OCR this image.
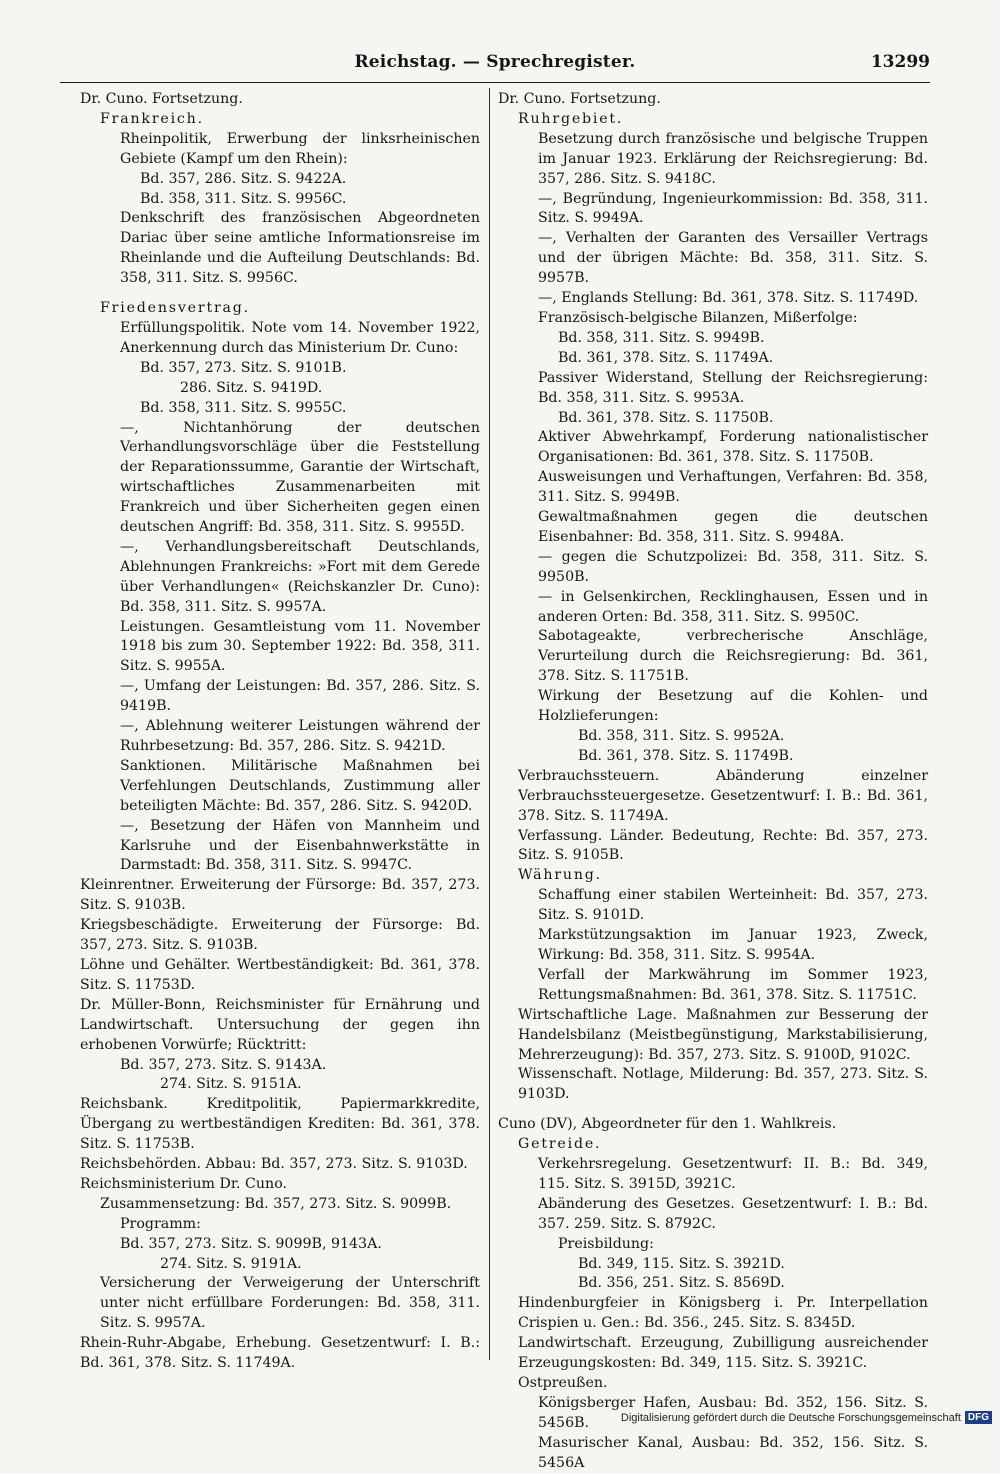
Reichstag. — Sprechregister.	13299

Dr. Cuno. Fortsetzung.

Frankreich.

Rheinpolitik, Erwerbung der linksrheinischen Gebiete (Kampf um den Rhein):

Bd. 357, 286. Sitz. S. 9422A.

Bd. 358, 311. Sitz. S. 9956C.

Denkschrift des französischen Abgeordneten Dariac über seine amtliche Informationsreise im Rheinlande und die Aufteilung Deutschlands: Bd. 358, 311. Sitz. S. 9956C.

Friedensvertrag.

Erfüllungspolitik. Note vom 14. November 1922, Anerkennung durch das Ministerium Dr. Cuno:

Bd. 357, 273. Sitz. S. 9101B.

286. Sitz. S. 9419D.

Bd. 358, 311. Sitz. S. 9955C.

—, Nichtanhörung der deutschen Verhandlungsvorschläge über die Feststellung der Reparationssumme, Garantie der Wirtschaft, wirtschaftliches Zusammenarbeiten mit Frankreich und über Sicherheiten gegen einen deutschen Angriff: Bd. 358, 311. Sitz. S. 9955D.

—, Verhandlungsbereitschaft Deutschlands, Ablehnungen Frankreichs: »Fort mit dem Gerede über Verhandlungen« (Reichskanzler Dr. Cuno): Bd. 358, 311. Sitz. S. 9957A.

Leistungen. Gesamtleistung vom 11. November 1918 bis zum 30. September 1922: Bd. 358, 311. Sitz. S. 9955A.

—, Umfang der Leistungen: Bd. 357, 286. Sitz. S. 9419B.

—, Ablehnung weiterer Leistungen während der Ruhrbesetzung: Bd. 357, 286. Sitz. S. 9421D.

Sanktionen. Militärische Maßnahmen bei Verfehlungen Deutschlands, Zustimmung aller beteiligten Mächte: Bd. 357, 286. Sitz. S. 9420D.

—, Besetzung der Häfen von Mannheim und Karlsruhe und der Eisenbahnwerkstätte in Darmstadt: Bd. 358, 311. Sitz. S. 9947C.

Kleinrentner. Erweiterung der Fürsorge: Bd. 357, 273. Sitz. S. 9103B.

Kriegsbeschädigte. Erweiterung der Fürsorge: Bd. 357, 273. Sitz. S. 9103B.

Löhne und Gehälter. Wertbeständigkeit: Bd. 361, 378. Sitz. S. 11753D.

Dr. Müller-Bonn, Reichsminister für Ernährung und Landwirtschaft. Untersuchung der gegen ihn erhobenen Vorwürfe; Rücktritt:

Bd. 357, 273. Sitz. S. 9143A.

274. Sitz. S. 9151A.

Reichsbank. Kreditpolitik, Papiermarkkredite, Übergang zu wertbeständigen Krediten: Bd. 361, 378. Sitz. S. 11753B.

Reichsbehörden. Abbau: Bd. 357, 273. Sitz. S. 9103D.

Reichsministerium Dr. Cuno.

Zusammensetzung: Bd. 357, 273. Sitz. S. 9099B.

Programm:

Bd. 357, 273. Sitz. S. 9099B, 9143A.

274. Sitz. S. 9191A.

Versicherung der Verweigerung der Unterschrift unter nicht erfüllbare Forderungen: Bd. 358, 311. Sitz. S. 9957A.

Rhein-Ruhr-Abgabe, Erhebung. Gesetzentwurf: I. B.: Bd. 361, 378. Sitz. S. 11749A.

Dr. Cuno. Fortsetzung.

Ruhrgebiet.

Besetzung durch französische und belgische Truppen im Januar 1923. Erklärung der Reichsregierung: Bd. 357, 286. Sitz. S. 9418C.

—, Begründung, Ingenieurkommission: Bd. 358, 311. Sitz. S. 9949A.

—, Verhalten der Garanten des Versailler Vertrags und der übrigen Mächte: Bd. 358, 311. Sitz. S. 9957B.

—, Englands Stellung: Bd. 361, 378. Sitz. S. 11749D.

Französisch-belgische Bilanzen, Mißerfolge:

Bd. 358, 311. Sitz. S. 9949B.

Bd. 361, 378. Sitz. S. 11749A.

Passiver Widerstand, Stellung der Reichsregierung: Bd. 358, 311. Sitz. S. 9953A.

Bd. 361, 378. Sitz. S. 11750B.

Aktiver Abwehrkampf, Forderung nationalistischer Organisationen: Bd. 361, 378. Sitz. S. 11750B.

Ausweisungen und Verhaftungen, Verfahren: Bd. 358, 311. Sitz. S. 9949B.

Gewaltmaßnahmen gegen die deutschen Eisenbahner: Bd. 358, 311. Sitz. S. 9948A.

— gegen die Schutzpolizei: Bd. 358, 311. Sitz. S. 9950B.

— in Gelsenkirchen, Recklinghausen, Essen und in anderen Orten: Bd. 358, 311. Sitz. S. 9950C.

Sabotageakte, verbrecherische Anschläge, Verurteilung durch die Reichsregierung: Bd. 361, 378. Sitz. S. 11751B.

Wirkung der Besetzung auf die Kohlen- und Holzlieferungen:

Bd. 358, 311. Sitz. S. 9952A.

Bd. 361, 378. Sitz. S. 11749B.

Verbrauchssteuern. Abänderung einzelner Verbrauchssteuergesetze. Gesetzentwurf: I. B.: Bd. 361, 378. Sitz. S. 11749A.

Verfassung. Länder. Bedeutung, Rechte: Bd. 357, 273. Sitz. S. 9105B.

Währung.

Schaffung einer stabilen Werteinheit: Bd. 357, 273. Sitz. S. 9101D.

Markstützungsaktion im Januar 1923, Zweck, Wirkung: Bd. 358, 311. Sitz. S. 9954A.

Verfall der Markwährung im Sommer 1923, Rettungsmaßnahmen: Bd. 361, 378. Sitz. S. 11751C.

Wirtschaftliche Lage. Maßnahmen zur Besserung der Handelsbilanz (Meistbegünstigung, Markstabilisierung, Mehrerzeugung): Bd. 357, 273. Sitz. S. 9100D, 9102C.

Wissenschaft. Notlage, Milderung: Bd. 357, 273. Sitz. S. 9103D.

Cuno (DV), Abgeordneter für den 1. Wahlkreis.

Getreide.

Verkehrsregelung. Gesetzentwurf: II. B.: Bd. 349, 115. Sitz. S. 3915D, 3921C.

Abänderung des Gesetzes. Gesetzentwurf: I. B.: Bd. 357. 259. Sitz. S. 8792C.

Preisbildung:

Bd. 349, 115. Sitz. S. 3921D.

Bd. 356, 251. Sitz. S. 8569D.

Hindenburgfeier in Königsberg i. Pr. Interpellation Crispien u. Gen.: Bd. 356., 245. Sitz. S. 8345D.

Landwirtschaft. Erzeugung, Zubilligung ausreichender Erzeugungskosten: Bd. 349, 115. Sitz. S. 3921C.

Ostpreußen.

Königsberger Hafen, Ausbau: Bd. 352, 156. Sitz. S. 5456B.

Masurischer Kanal, Ausbau: Bd. 352, 156. Sitz. S. 5456A

Digitalisierung gefördert durch die Deutsche Forschungsgemeinschaft DFG
